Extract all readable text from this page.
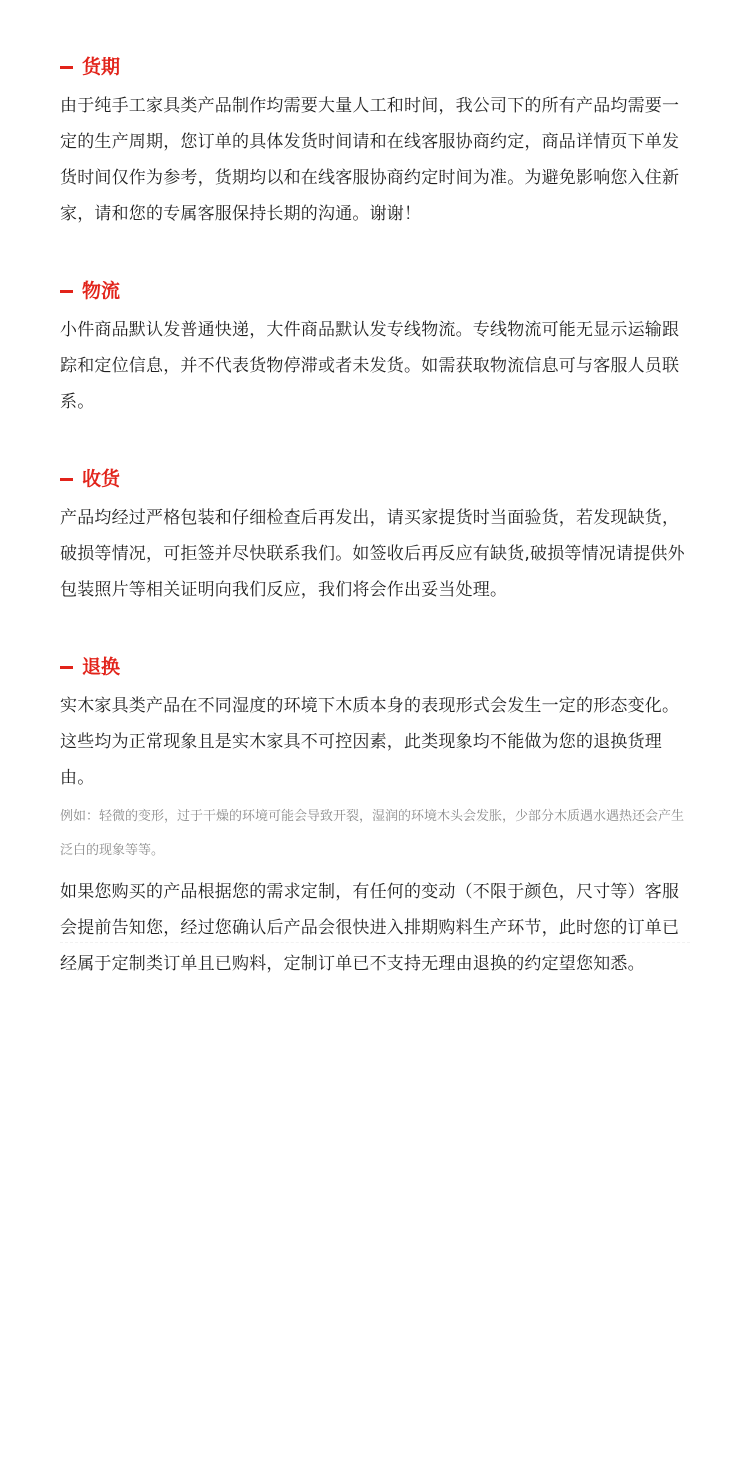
货期

由于纯手工家具类产品制作均需要大量人工和时间，我公司下的所有产品均需要一定的生产周期，您订单的具体发货时间请和在线客服协商约定，商品详情页下单发货时间仅作为参考，货期均以和在线客服协商约定时间为准。为避免影响您入住新家，请和您的专属客服保持长期的沟通。谢谢！

物流

小件商品默认发普通快递，大件商品默认发专线物流。专线物流可能无显示运输跟踪和定位信息，并不代表货物停滞或者未发货。如需获取物流信息可与客服人员联系。

收货

产品均经过严格包装和仔细检查后再发出，请买家提货时当面验货，若发现缺货，破损等情况，可拒签并尽快联系我们。如签收后再反应有缺货,破损等情况请提供外包装照片等相关证明向我们反应，我们将会作出妥当处理。

退换

实木家具类产品在不同湿度的环境下木质本身的表现形式会发生一定的形态变化。这些均为正常现象且是实木家具不可控因素，此类现象均不能做为您的退换货理由。

例如：轻微的变形，过于干燥的环境可能会导致开裂，湿润的环境木头会发胀，少部分木质遇水遇热还会产生泛白的现象等等。

如果您购买的产品根据您的需求定制，有任何的变动（不限于颜色，尺寸等）客服会提前告知您，经过您确认后产品会很快进入排期购料生产环节，此时您的订单已经属于定制类订单且已购料，定制订单已不支持无理由退换的约定望您知悉。
